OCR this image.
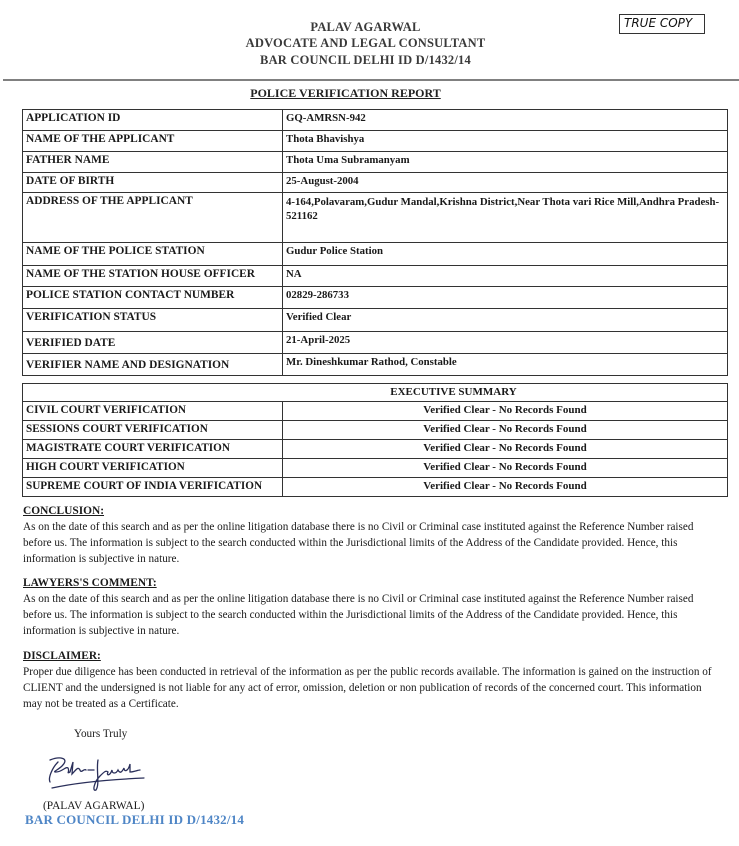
PALAV AGARWAL
ADVOCATE AND LEGAL CONSULTANT
BAR COUNCIL DELHI ID D/1432/14
TRUE COPY
POLICE VERIFICATION REPORT
APPLICATION ID	GQ-AMRSN-942
NAME OF THE APPLICANT	Thota Bhavishya
FATHER NAME	Thota Uma Subramanyam
DATE OF BIRTH	25-August-2004
ADDRESS OF THE APPLICANT	4-164,Polavaram,Gudur Mandal,Krishna District,Near Thota vari Rice Mill,Andhra Pradesh-521162
NAME OF THE POLICE STATION	Gudur Police Station
NAME OF THE STATION HOUSE OFFICER	NA
POLICE STATION CONTACT NUMBER	02829-286733
VERIFICATION STATUS	Verified Clear
VERIFIED DATE	21-April-2025
VERIFIER NAME AND DESIGNATION	Mr. Dineshkumar Rathod, Constable
EXECUTIVE SUMMARY	
CIVIL COURT VERIFICATION	Verified Clear - No Records Found
SESSIONS COURT VERIFICATION	Verified Clear - No Records Found
MAGISTRATE COURT VERIFICATION	Verified Clear - No Records Found
HIGH COURT VERIFICATION	Verified Clear - No Records Found
SUPREME COURT OF INDIA VERIFICATION	Verified Clear - No Records Found
CONCLUSION:
As on the date of this search and as per the online litigation database there is no Civil or Criminal case instituted against the Reference Number raised before us. The information is subject to the search conducted within the Jurisdictional limits of the Address of the Candidate provided. Hence, this information is subjective in nature.
LAWYERS'S COMMENT:
As on the date of this search and as per the online litigation database there is no Civil or Criminal case instituted against the Reference Number raised before us. The information is subject to the search conducted within the Jurisdictional limits of the Address of the Candidate provided. Hence, this information is subjective in nature.
DISCLAIMER:
Proper due diligence has been conducted in retrieval of the information as per the public records available. The information is gained on the instruction of CLIENT and the undersigned is not liable for any act of error, omission, deletion or non publication of records of the concerned court. This information may not be treated as a Certificate.
Yours Truly
(PALAV AGARWAL)
BAR COUNCIL DELHI ID D/1432/14
